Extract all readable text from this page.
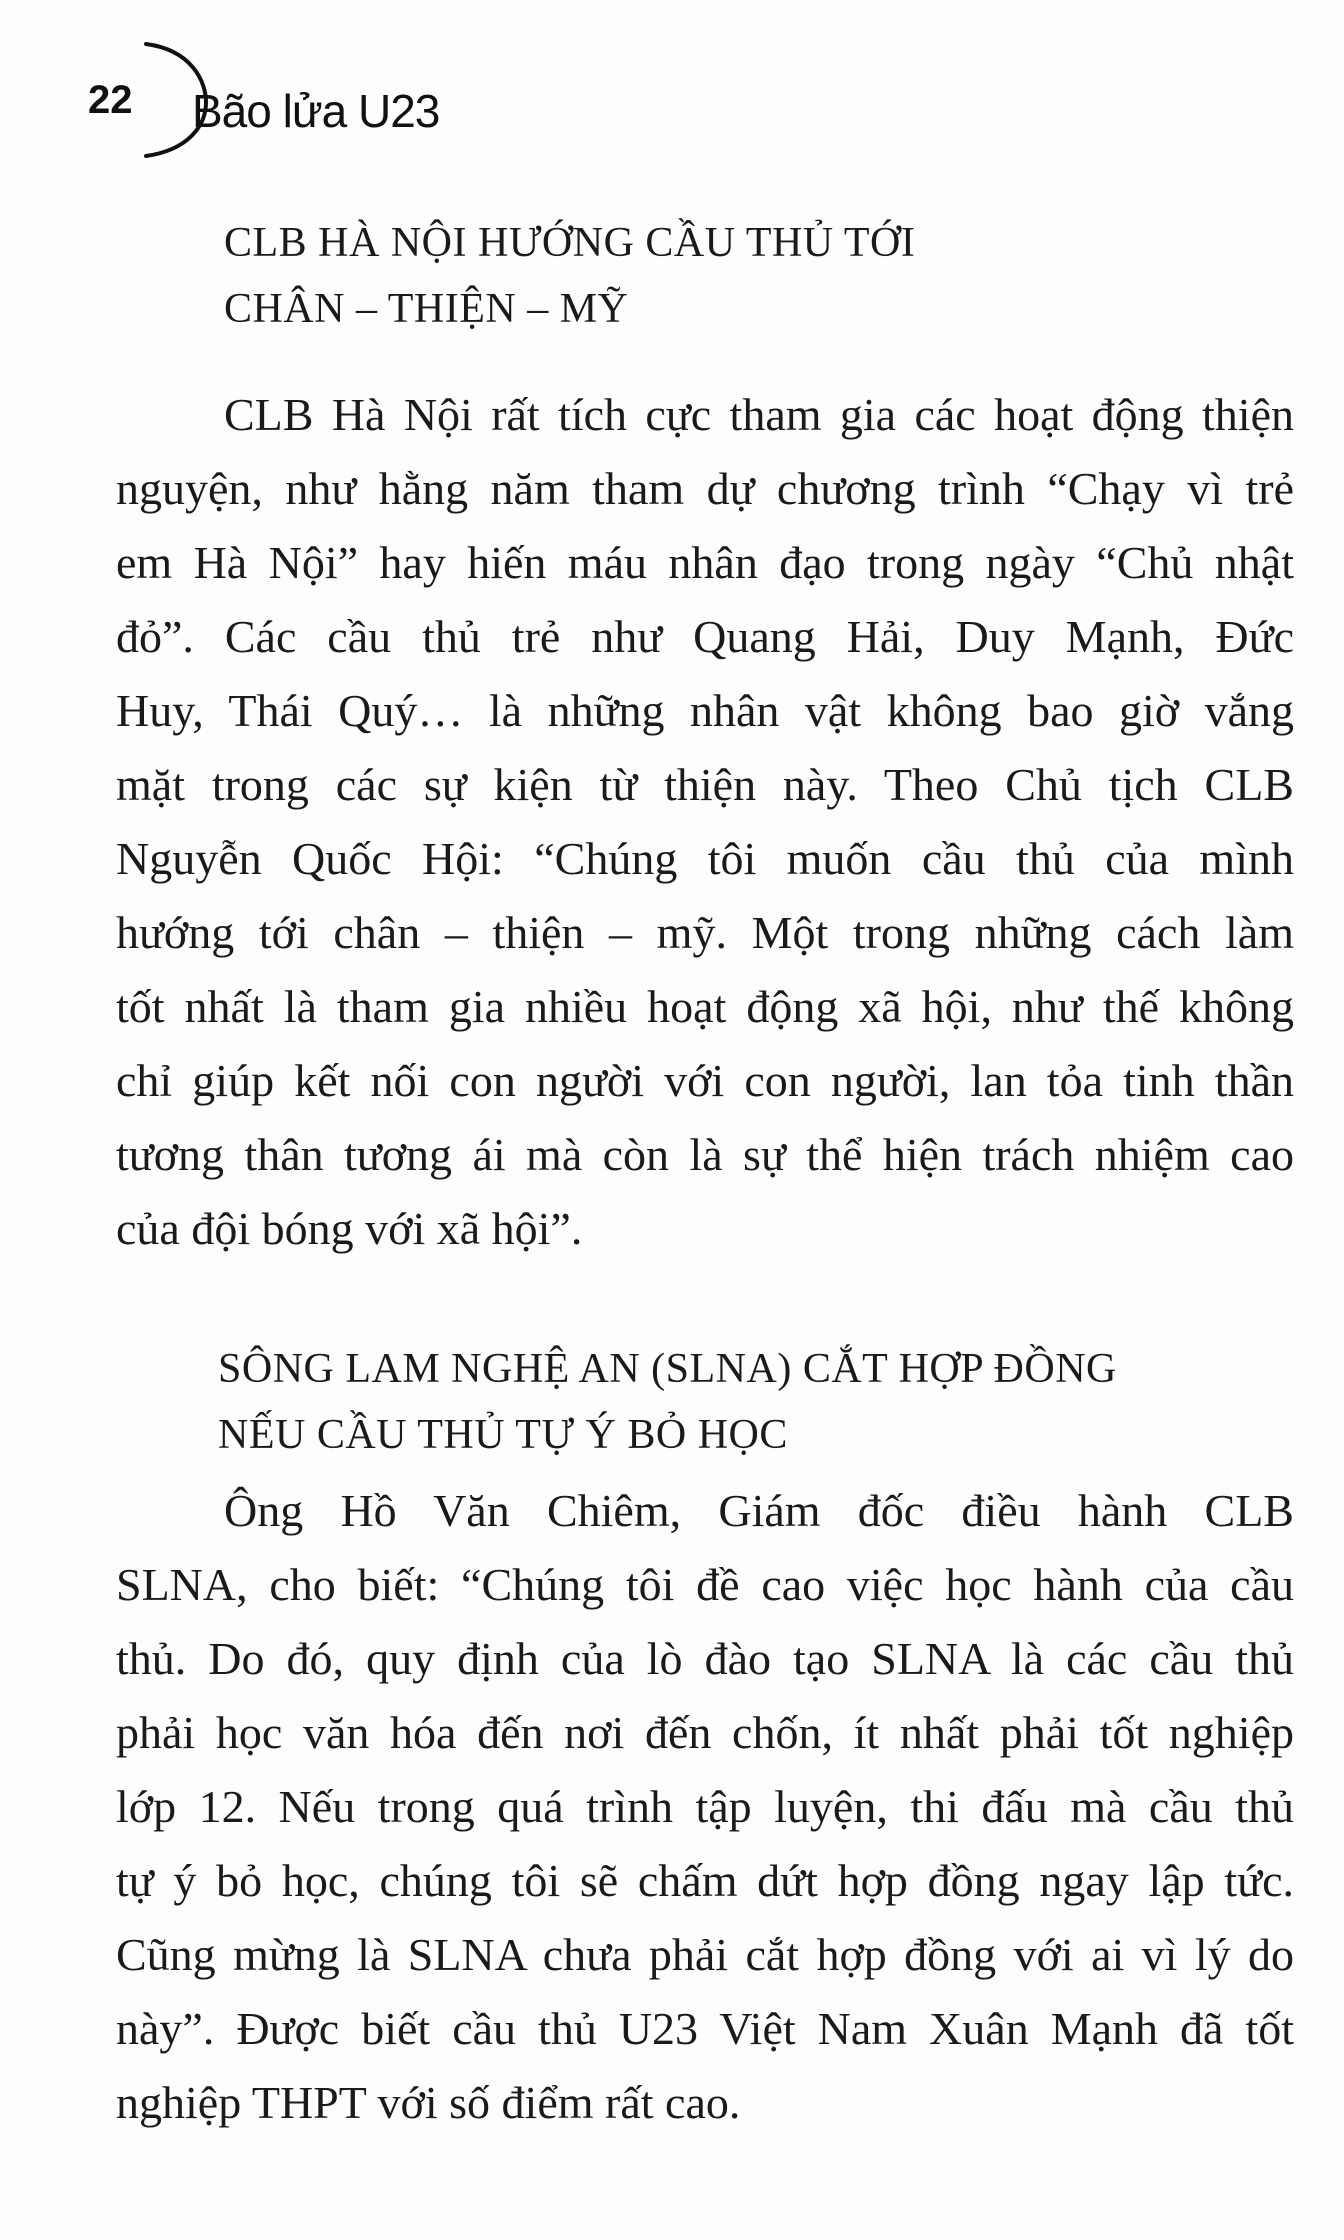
22 Bão lửa U23
CLB HÀ NỘI HƯỚNG CẦU THỦ TỚI
CHÂN – THIỆN – MỸ
CLB Hà Nội rất tích cực tham gia các hoạt động thiện
nguyện, như hằng năm tham dự chương trình “Chạy vì trẻ
em Hà Nội” hay hiến máu nhân đạo trong ngày “Chủ nhật
đỏ”. Các cầu thủ trẻ như Quang Hải, Duy Mạnh, Đức
Huy, Thái Quý… là những nhân vật không bao giờ vắng
mặt trong các sự kiện từ thiện này. Theo Chủ tịch CLB
Nguyễn Quốc Hội: “Chúng tôi muốn cầu thủ của mình
hướng tới chân – thiện – mỹ. Một trong những cách làm
tốt nhất là tham gia nhiều hoạt động xã hội, như thế không
chỉ giúp kết nối con người với con người, lan tỏa tinh thần
tương thân tương ái mà còn là sự thể hiện trách nhiệm cao
của đội bóng với xã hội”.
SÔNG LAM NGHỆ AN (SLNA) CẮT HỢP ĐỒNG
NẾU CẦU THỦ TỰ Ý BỎ HỌC
Ông Hồ Văn Chiêm, Giám đốc điều hành CLB
SLNA, cho biết: “Chúng tôi đề cao việc học hành của cầu
thủ. Do đó, quy định của lò đào tạo SLNA là các cầu thủ
phải học văn hóa đến nơi đến chốn, ít nhất phải tốt nghiệp
lớp 12. Nếu trong quá trình tập luyện, thi đấu mà cầu thủ
tự ý bỏ học, chúng tôi sẽ chấm dứt hợp đồng ngay lập tức.
Cũng mừng là SLNA chưa phải cắt hợp đồng với ai vì lý do
này”. Được biết cầu thủ U23 Việt Nam Xuân Mạnh đã tốt
nghiệp THPT với số điểm rất cao.
